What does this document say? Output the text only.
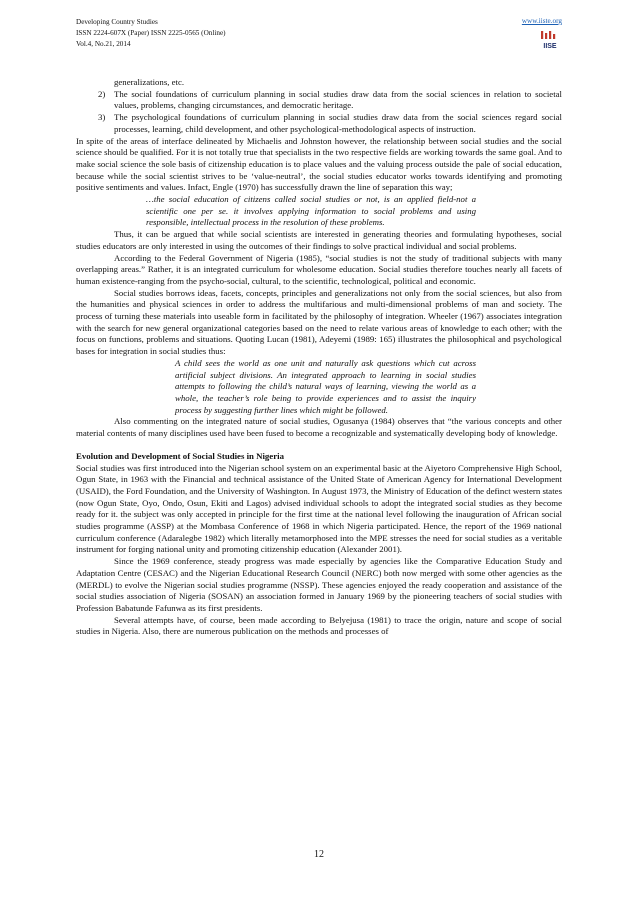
Developing Country Studies
ISSN 2224-607X (Paper) ISSN 2225-0565 (Online)
Vol.4, No.21, 2014
www.iiste.org
IISE

generalizations, etc.

2) The social foundations of curriculum planning in social studies draw data from the social sciences in relation to societal values, problems, changing circumstances, and democratic heritage.
3) The psychological foundations of curriculum planning in social studies draw data from the social sciences regard social processes, learning, child development, and other psychological-methodological aspects of instruction.

In spite of the areas of interface delineated by Michaelis and Johnston however, the relationship between social studies and the social science should be qualified. For it is not totally true that specialists in the two respective fields are working towards the same goal. And to make social science the sole basis of citizenship education is to place values and the valuing process outside the pale of social education, because while the social scientist strives to be ‘value-neutral’, the social studies educator works towards identifying and promoting positive sentiments and values. Infact, Engle (1970) has successfully drawn the line of separation this way;

…the social education of citizens called social studies or not, is an applied field-not a scientific one per se. it involves applying information to social problems and using responsible, intellectual process in the resolution of these problems.

Thus, it can be argued that while social scientists are interested in generating theories and formulating hypotheses, social studies educators are only interested in using the outcomes of their findings to solve practical individual and social problems.

According to the Federal Government of Nigeria (1985), “social studies is not the study of traditional subjects with many overlapping areas.” Rather, it is an integrated curriculum for wholesome education. Social studies therefore touches nearly all facets of human existence-ranging from the psycho-social, cultural, to the scientific, technological, political and economic.

Social studies borrows ideas, facets, concepts, principles and generalizations not only from the social sciences, but also from the humanities and physical sciences in order to address the multifarious and multi-dimensional problems of man and society. The process of turning these materials into useable form in facilitated by the philosophy of integration. Wheeler (1967) associates integration with the search for new general organizational categories based on the need to relate various areas of knowledge to each other; with the focus on functions, problems and situations. Quoting Lucan (1981), Adeyemi (1989: 165) illustrates the philosophical and psychological bases for integration in social studies thus:

A child sees the world as one unit and naturally ask questions which cut across artificial subject divisions. An integrated approach to learning in social studies attempts to following the child’s natural ways of learning, viewing the world as a whole, the teacher’s role being to provide experiences and to assist the inquiry process by suggesting further lines which might be followed.

Also commenting on the integrated nature of social studies, Ogusanya (1984) observes that “the various concepts and other material contents of many disciplines used have been fused to become a recognizable and systematically developing body of knowledge.

Evolution and Development of Social Studies in Nigeria

Social studies was first introduced into the Nigerian school system on an experimental basic at the Aiyetoro Comprehensive High School, Ogun State, in 1963 with the Financial and technical assistance of the United State of American Agency for International Development (USAID), the Ford Foundation, and the University of Washington. In August 1973, the Ministry of Education of the definct western states (now Ogun State, Oyo, Ondo, Osun, Ekiti and Lagos) advised individual schools to adopt the integrated social studies as they become ready for it. the subject was only accepted in principle for the first time at the national level following the inauguration of African social studies programme (ASSP) at the Mombasa Conference of 1968 in which Nigeria participated. Hence, the report of the 1969 national curriculum conference (Adaralegbe 1982) which literally metamorphosed into the MPE stresses the need for social studies as a veritable instrument for forging national unity and promoting citizenship education (Alexander 2001).

Since the 1969 conference, steady progress was made especially by agencies like the Comparative Education Study and Adaptation Centre (CESAC) and the Nigerian Educational Research Council (NERC) both now merged with some other agencies as the (MERDL) to evolve the Nigerian social studies programme (NSSP). These agencies enjoyed the ready cooperation and assistance of the social studies association of Nigeria (SOSAN) an association formed in January 1969 by the pioneering teachers of social studies with Profession Babatunde Fafunwa as its first presidents.

Several attempts have, of course, been made according to Belyejusa (1981) to trace the origin, nature and scope of social studies in Nigeria. Also, there are numerous publication on the methods and processes of

12
